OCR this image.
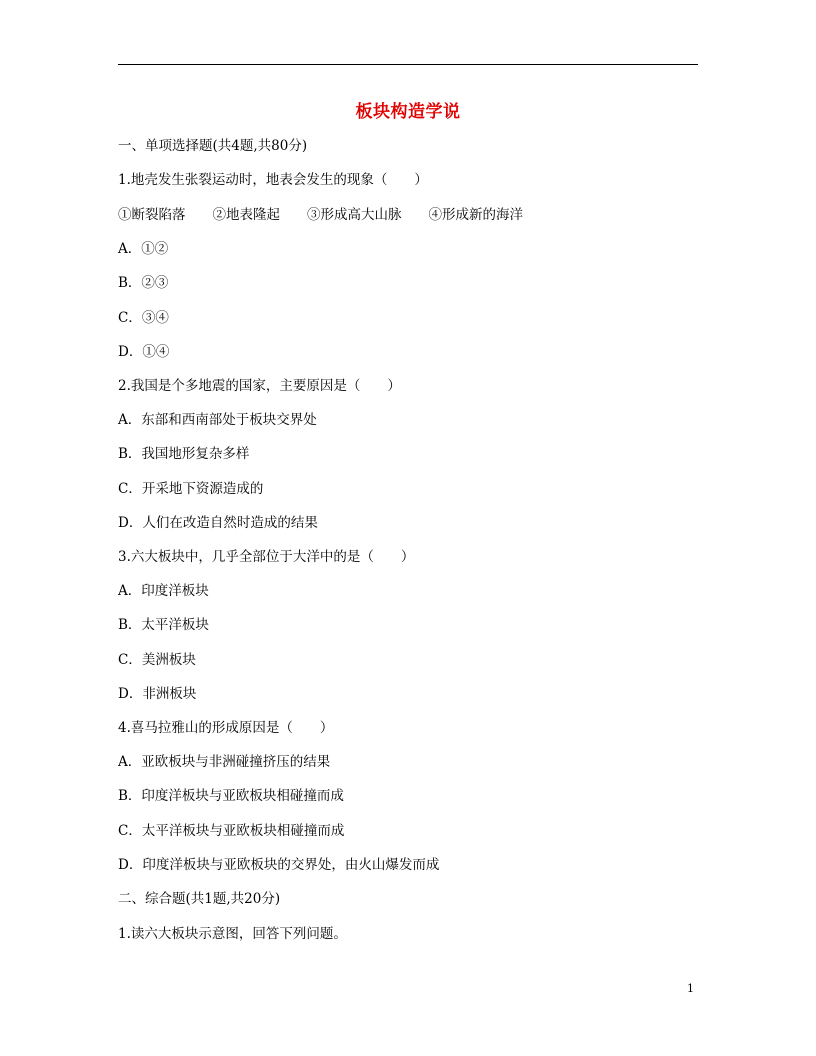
板块构造学说
一、单项选择题(共4题,共80分)
1.地壳发生张裂运动时，地表会发生的现象（　　）
①断裂陷落　　②地表隆起　　③形成高大山脉　　④形成新的海洋
A．①②
B．②③
C．③④
D．①④
2.我国是个多地震的国家，主要原因是（　　）
A．东部和西南部处于板块交界处
B．我国地形复杂多样
C．开采地下资源造成的
D．人们在改造自然时造成的结果
3.六大板块中，几乎全部位于大洋中的是（　　）
A．印度洋板块
B．太平洋板块
C．美洲板块
D．非洲板块
4.喜马拉雅山的形成原因是（　　）
A．亚欧板块与非洲碰撞挤压的结果
B．印度洋板块与亚欧板块相碰撞而成
C．太平洋板块与亚欧板块相碰撞而成
D．印度洋板块与亚欧板块的交界处，由火山爆发而成
二、综合题(共1题,共20分)
1.读六大板块示意图，回答下列问题。
1
